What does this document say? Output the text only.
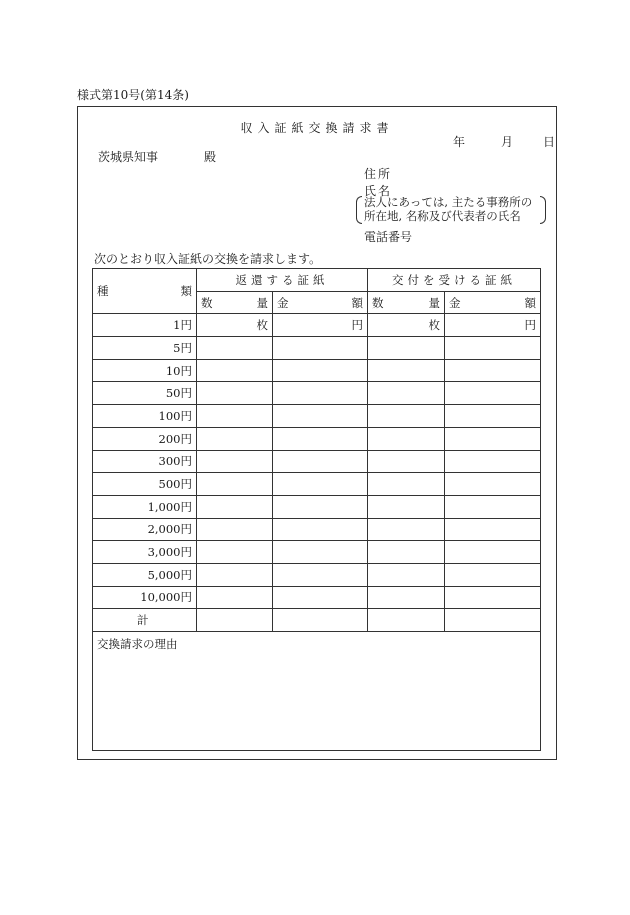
様式第10号(第14条)
収入証紙交換請求書
年	月	日
茨城県知事	殿
住所
氏名
法人にあっては, 主たる事務所の
所在地, 名称及び代表者の氏名
電話番号
次のとおり収入証紙の交換を請求します。
種 類	返還する証紙		交付を受ける証紙	

	数 量	金 額	数 量	金 額

1円	枚	円	枚	円
5円				
10円				
50円				
100円				
200円				
300円				
500円				
1,000円				
2,000円				
3,000円				
5,000円				
10,000円				
計				
交換請求の理由				
